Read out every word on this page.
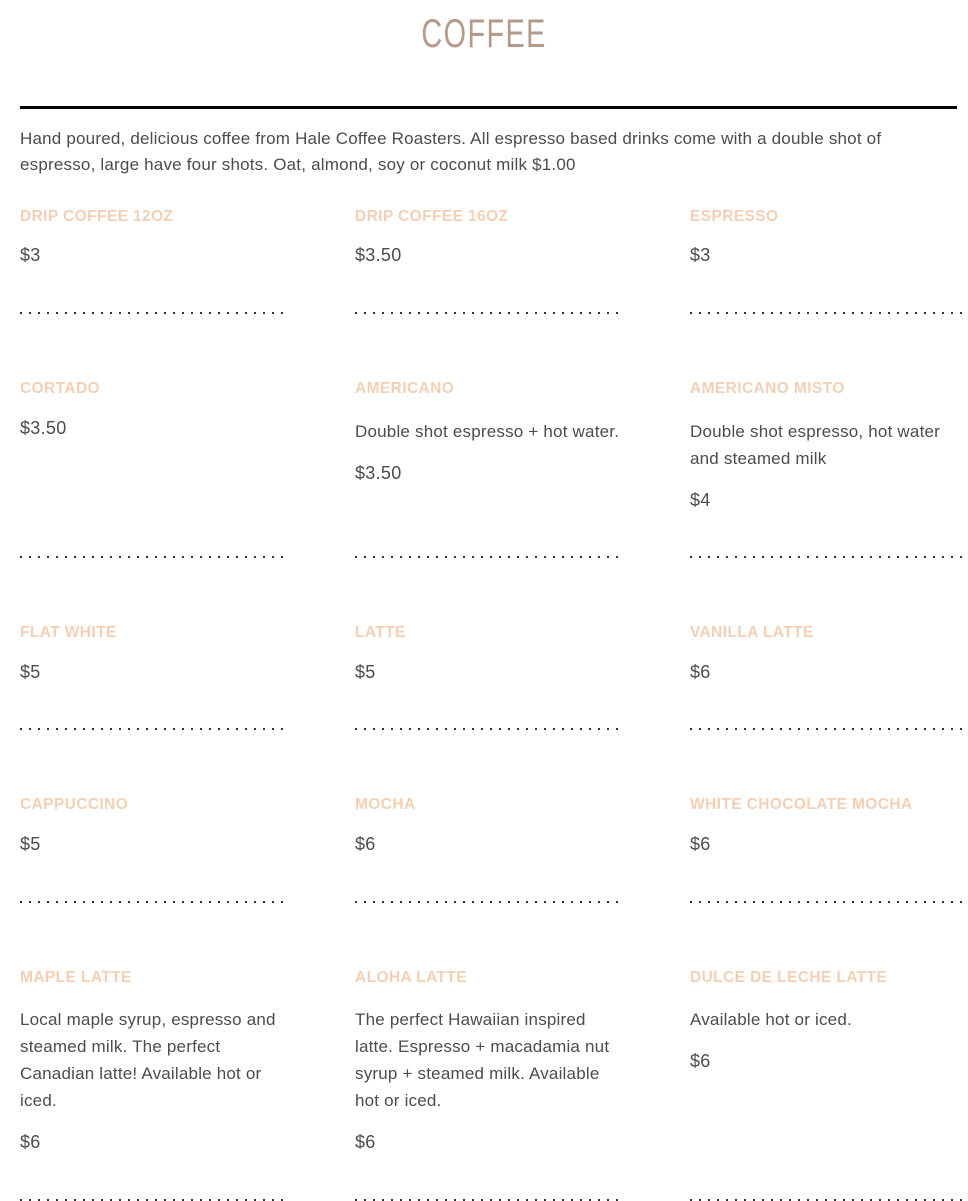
COFFEE

Hand poured, delicious coffee from Hale Coffee Roasters. All espresso based drinks come with a double shot of espresso, large have four shots. Oat, almond, soy or coconut milk $1.00

DRIP COFFEE 12OZ

$3

DRIP COFFEE 16OZ

$3.50

ESPRESSO

$3

CORTADO

$3.50

AMERICANO

Double shot espresso + hot water.

$3.50

AMERICANO MISTO

Double shot espresso, hot water and steamed milk

$4

FLAT WHITE

$5

LATTE

$5

VANILLA LATTE

$6

CAPPUCCINO

$5

MOCHA

$6

WHITE CHOCOLATE MOCHA

$6

MAPLE LATTE

Local maple syrup, espresso and steamed milk. The perfect Canadian latte! Available hot or iced.

$6

ALOHA LATTE

The perfect Hawaiian inspired latte. Espresso + macadamia nut syrup + steamed milk. Available hot or iced.

$6

DULCE DE LECHE LATTE

Available hot or iced.

$6
